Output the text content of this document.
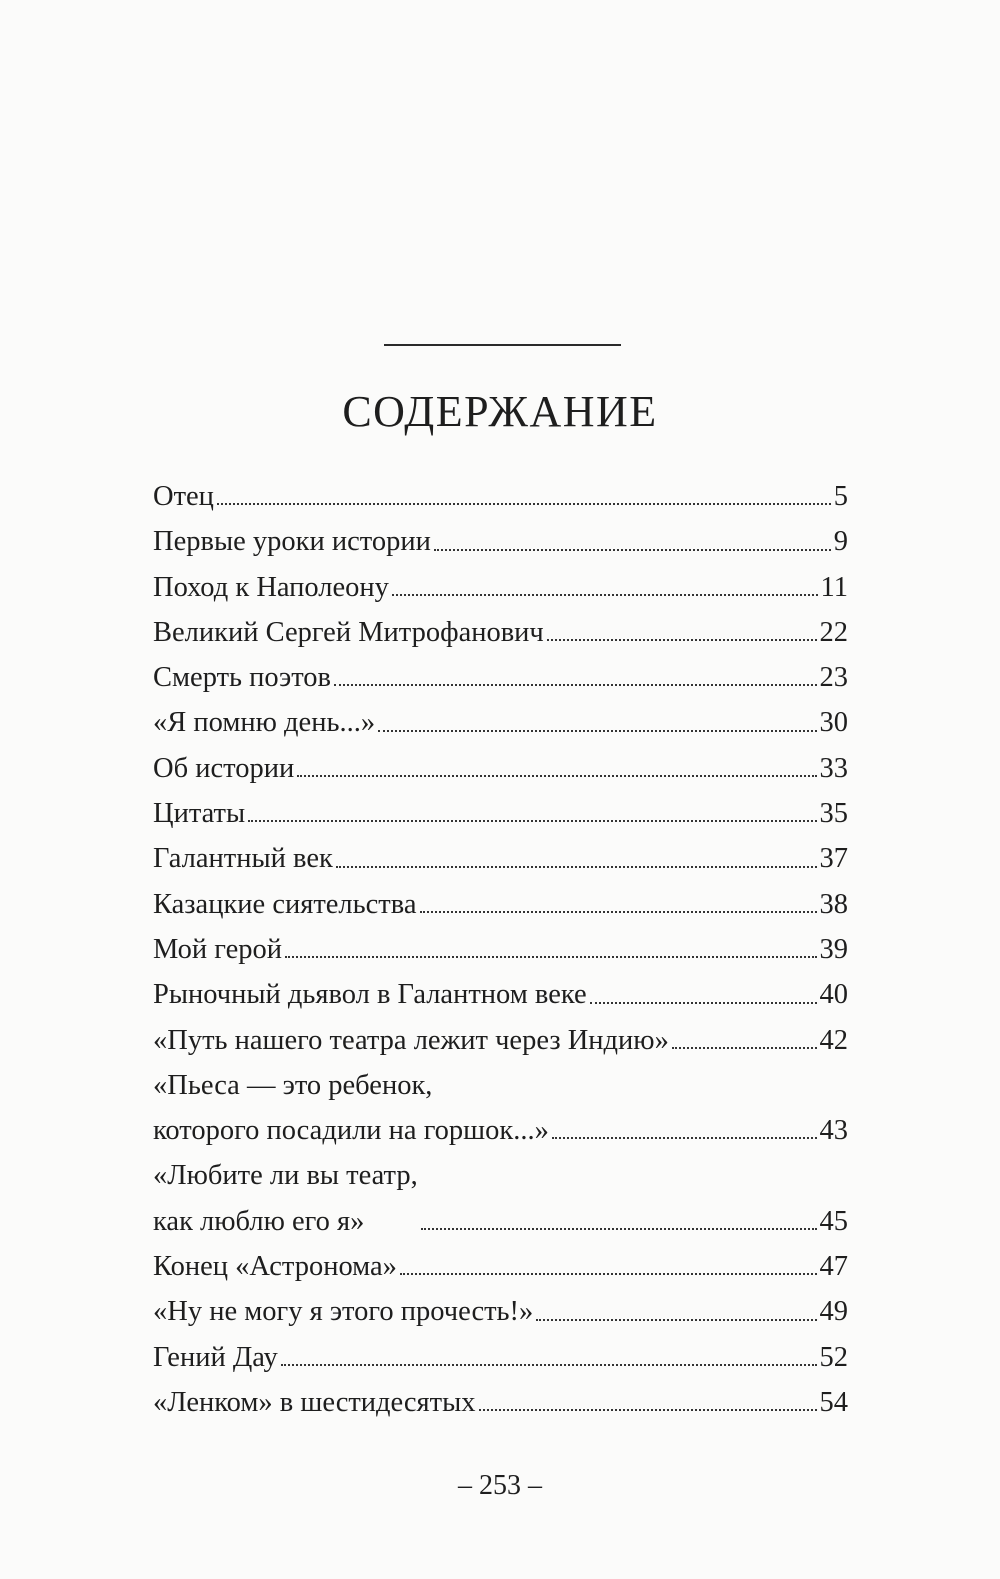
СОДЕРЖАНИЕ
Отец	5
Первые уроки истории	9
Поход к Наполеону	11
Великий Сергей Митрофанович	22
Смерть поэтов	23
«Я помню день...»	30
Об истории	33
Цитаты	35
Галантный век	37
Казацкие сиятельства	38
Мой герой	39
Рыночный дьявол в Галантном веке	40
«Путь нашего театра лежит через Индию»	42
«Пьеса — это ребенок,
которого посадили на горшок...»	43
«Любите ли вы театр,
как люблю его я»	45
Конец «Астронома»	47
«Ну не могу я этого прочесть!»	49
Гений Дау	52
«Ленком» в шестидесятых	54
– 253 –
